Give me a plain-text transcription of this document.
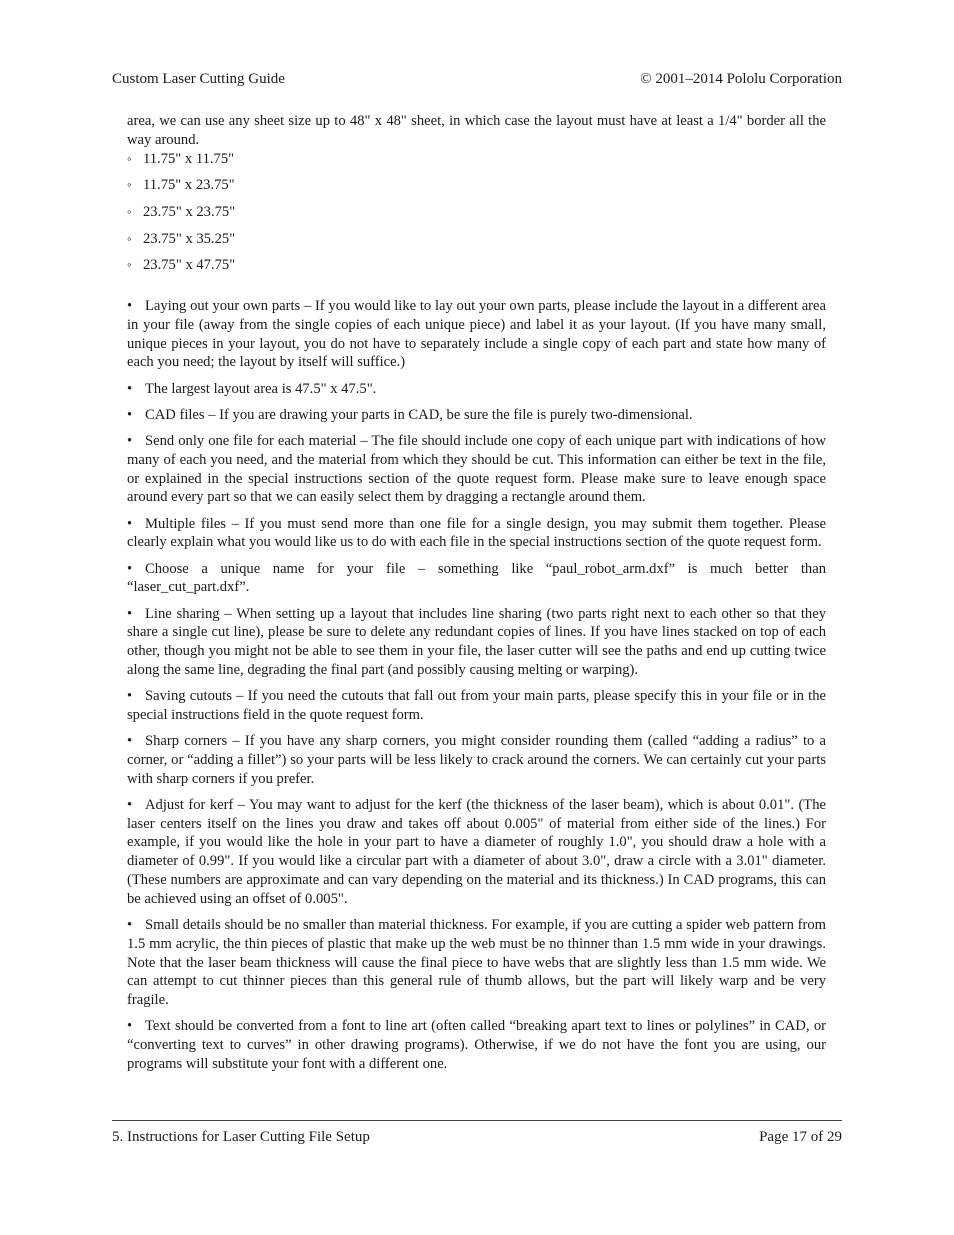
Custom Laser Cutting Guide	© 2001–2014 Pololu Corporation

area, we can use any sheet size up to 48" x 48" sheet, in which case the layout must have at least a 1/4" border all the way around.

◦ 11.75" x 11.75"
◦ 11.75" x 23.75"
◦ 23.75" x 23.75"
◦ 23.75" x 35.25"
◦ 23.75" x 47.75"

• Laying out your own parts – If you would like to lay out your own parts, please include the layout in a different area in your file (away from the single copies of each unique piece) and label it as your layout. (If you have many small, unique pieces in your layout, you do not have to separately include a single copy of each part and state how many of each you need; the layout by itself will suffice.)

• The largest layout area is 47.5" x 47.5".

• CAD files – If you are drawing your parts in CAD, be sure the file is purely two-dimensional.

• Send only one file for each material – The file should include one copy of each unique part with indications of how many of each you need, and the material from which they should be cut. This information can either be text in the file, or explained in the special instructions section of the quote request form. Please make sure to leave enough space around every part so that we can easily select them by dragging a rectangle around them.

• Multiple files – If you must send more than one file for a single design, you may submit them together. Please clearly explain what you would like us to do with each file in the special instructions section of the quote request form.

• Choose a unique name for your file – something like “paul_robot_arm.dxf” is much better than “laser_cut_part.dxf”.

• Line sharing – When setting up a layout that includes line sharing (two parts right next to each other so that they share a single cut line), please be sure to delete any redundant copies of lines. If you have lines stacked on top of each other, though you might not be able to see them in your file, the laser cutter will see the paths and end up cutting twice along the same line, degrading the final part (and possibly causing melting or warping).

• Saving cutouts – If you need the cutouts that fall out from your main parts, please specify this in your file or in the special instructions field in the quote request form.

• Sharp corners – If you have any sharp corners, you might consider rounding them (called “adding a radius” to a corner, or “adding a fillet”) so your parts will be less likely to crack around the corners. We can certainly cut your parts with sharp corners if you prefer.

• Adjust for kerf – You may want to adjust for the kerf (the thickness of the laser beam), which is about 0.01". (The laser centers itself on the lines you draw and takes off about 0.005" of material from either side of the lines.) For example, if you would like the hole in your part to have a diameter of roughly 1.0", you should draw a hole with a diameter of 0.99". If you would like a circular part with a diameter of about 3.0", draw a circle with a 3.01" diameter. (These numbers are approximate and can vary depending on the material and its thickness.) In CAD programs, this can be achieved using an offset of 0.005".

• Small details should be no smaller than material thickness. For example, if you are cutting a spider web pattern from 1.5 mm acrylic, the thin pieces of plastic that make up the web must be no thinner than 1.5 mm wide in your drawings. Note that the laser beam thickness will cause the final piece to have webs that are slightly less than 1.5 mm wide. We can attempt to cut thinner pieces than this general rule of thumb allows, but the part will likely warp and be very fragile.

• Text should be converted from a font to line art (often called “breaking apart text to lines or polylines” in CAD, or “converting text to curves” in other drawing programs). Otherwise, if we do not have the font you are using, our programs will substitute your font with a different one.

5. Instructions for Laser Cutting File Setup	Page 17 of 29
